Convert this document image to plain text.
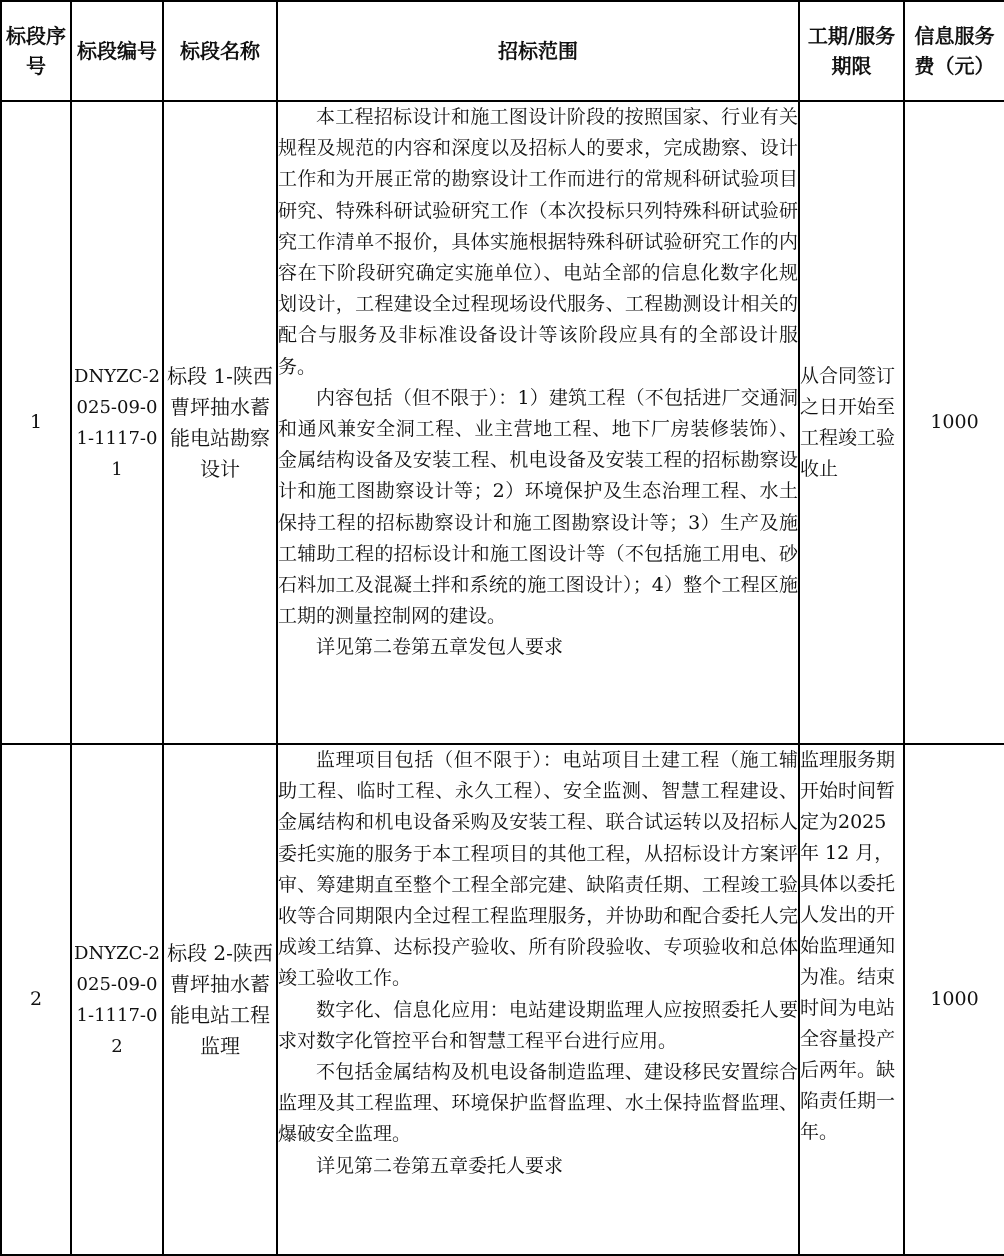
标段序号	标段编号	标段名称	招标范围	工期/服务期限	信息服务费（元）

1	DNYZC-2025-09-01-1117-01	标段 1-陕西曹坪抽水蓄能电站勘察设计	本工程招标设计和施工图设计阶段的按照国家、行业有关规程及规范的内容和深度以及招标人的要求，完成勘察、设计工作和为开展正常的勘察设计工作而进行的常规科研试验项目研究、特殊科研试验研究工作（本次投标只列特殊科研试验研究工作清单不报价，具体实施根据特殊科研试验研究工作的内容在下阶段研究确定实施单位）、电站全部的信息化数字化规划设计，工程建设全过程现场设代服务、工程勘测设计相关的配合与服务及非标准设备设计等该阶段应具有的全部设计服务。

内容包括（但不限于）：1）建筑工程（不包括进厂交通洞和通风兼安全洞工程、业主营地工程、地下厂房装修装饰）、金属结构设备及安装工程、机电设备及安装工程的招标勘察设计和施工图勘察设计等；2）环境保护及生态治理工程、水土保持工程的招标勘察设计和施工图勘察设计等；3）生产及施工辅助工程的招标设计和施工图设计等（不包括施工用电、砂石料加工及混凝土拌和系统的施工图设计）；4）整个工程区施工期的测量控制网的建设。

详见第二卷第五章发包人要求	从合同签订之日开始至工程竣工验收止	1000
2	DNYZC-2025-09-01-1117-02	标段 2-陕西曹坪抽水蓄能电站工程监理	监理项目包括（但不限于）：电站项目土建工程（施工辅助工程、临时工程、永久工程）、安全监测、智慧工程建设、金属结构和机电设备采购及安装工程、联合试运转以及招标人委托实施的服务于本工程项目的其他工程，从招标设计方案评审、筹建期直至整个工程全部完建、缺陷责任期、工程竣工验收等合同期限内全过程工程监理服务，并协助和配合委托人完成竣工结算、达标投产验收、所有阶段验收、专项验收和总体竣工验收工作。

数字化、信息化应用：电站建设期监理人应按照委托人要求对数字化管控平台和智慧工程平台进行应用。

不包括金属结构及机电设备制造监理、建设移民安置综合监理及其工程监理、环境保护监督监理、水土保持监督监理、爆破安全监理。

详见第二卷第五章委托人要求	监理服务期开始时间暂定为2025 年 12 月，具体以委托人发出的开始监理通知为准。结束时间为电站全容量投产后两年。缺陷责任期一年。	1000
